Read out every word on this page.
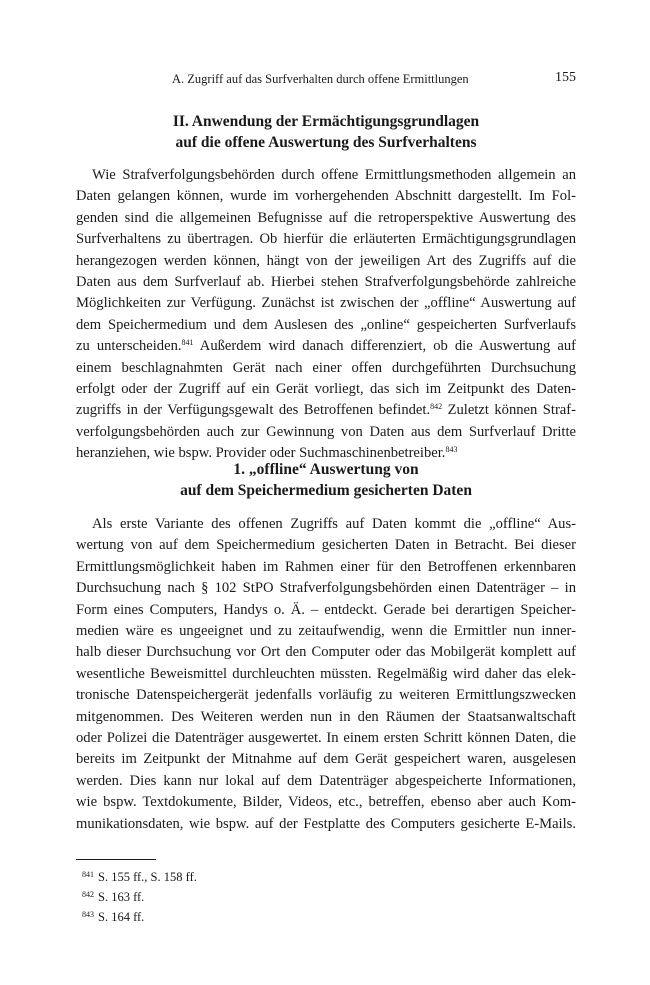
A. Zugriff auf das Surfverhalten durch offene Ermittlungen	155
II. Anwendung der Ermächtigungsgrundlagen
auf die offene Auswertung des Surfverhaltens
Wie Strafverfolgungsbehörden durch offene Ermittlungsmethoden allgemein an
Daten gelangen können, wurde im vorhergehenden Abschnitt dargestellt. Im Fol-
genden sind die allgemeinen Befugnisse auf die retroperspektive Auswertung des
Surfverhaltens zu übertragen. Ob hierfür die erläuterten Ermächtigungsgrundlagen
herangezogen werden können, hängt von der jeweiligen Art des Zugriffs auf die
Daten aus dem Surfverlauf ab. Hierbei stehen Strafverfolgungsbehörde zahlreiche
Möglichkeiten zur Verfügung. Zunächst ist zwischen der „offline“ Auswertung auf
dem Speichermedium und dem Auslesen des „online“ gespeicherten Surfverlaufs
zu unterscheiden.$^{841}$ Außerdem wird danach differenziert, ob die Auswertung auf
einem beschlagnahmten Gerät nach einer offen durchgeführten Durchsuchung
erfolgt oder der Zugriff auf ein Gerät vorliegt, das sich im Zeitpunkt des Daten-
zugriffs in der Verfügungsgewalt des Betroffenen befindet.$^{842}$ Zuletzt können Straf-
verfolgungsbehörden auch zur Gewinnung von Daten aus dem Surfverlauf Dritte
heranziehen, wie bspw. Provider oder Suchmaschinenbetreiber.$^{843}$
1. „offline“ Auswertung von
auf dem Speichermedium gesicherten Daten
Als erste Variante des offenen Zugriffs auf Daten kommt die „offline“ Aus-
wertung von auf dem Speichermedium gesicherten Daten in Betracht. Bei dieser
Ermittlungsmöglichkeit haben im Rahmen einer für den Betroffenen erkennbaren
Durchsuchung nach § 102 StPO Strafverfolgungsbehörden einen Datenträger – in
Form eines Computers, Handys o. Ä. – entdeckt. Gerade bei derartigen Speicher-
medien wäre es ungeeignet und zu zeitaufwendig, wenn die Ermittler nun inner-
halb dieser Durchsuchung vor Ort den Computer oder das Mobilgerät komplett auf
wesentliche Beweismittel durchleuchten müssten. Regelmäßig wird daher das elek-
tronische Datenspeichergerät jedenfalls vorläufig zu weiteren Ermittlungszwecken
mitgenommen. Des Weiteren werden nun in den Räumen der Staatsanwaltschaft
oder Polizei die Datenträger ausgewertet. In einem ersten Schritt können Daten, die
bereits im Zeitpunkt der Mitnahme auf dem Gerät gespeichert waren, ausgelesen
werden. Dies kann nur lokal auf dem Datenträger abgespeicherte Informationen,
wie bspw. Textdokumente, Bilder, Videos, etc., betreffen, ebenso aber auch Kom-
munikationsdaten, wie bspw. auf der Festplatte des Computers gesicherte E-Mails.
$^{841}$ S. 155 ff., S. 158 ff.
$^{842}$ S. 163 ff.
$^{843}$ S. 164 ff.
